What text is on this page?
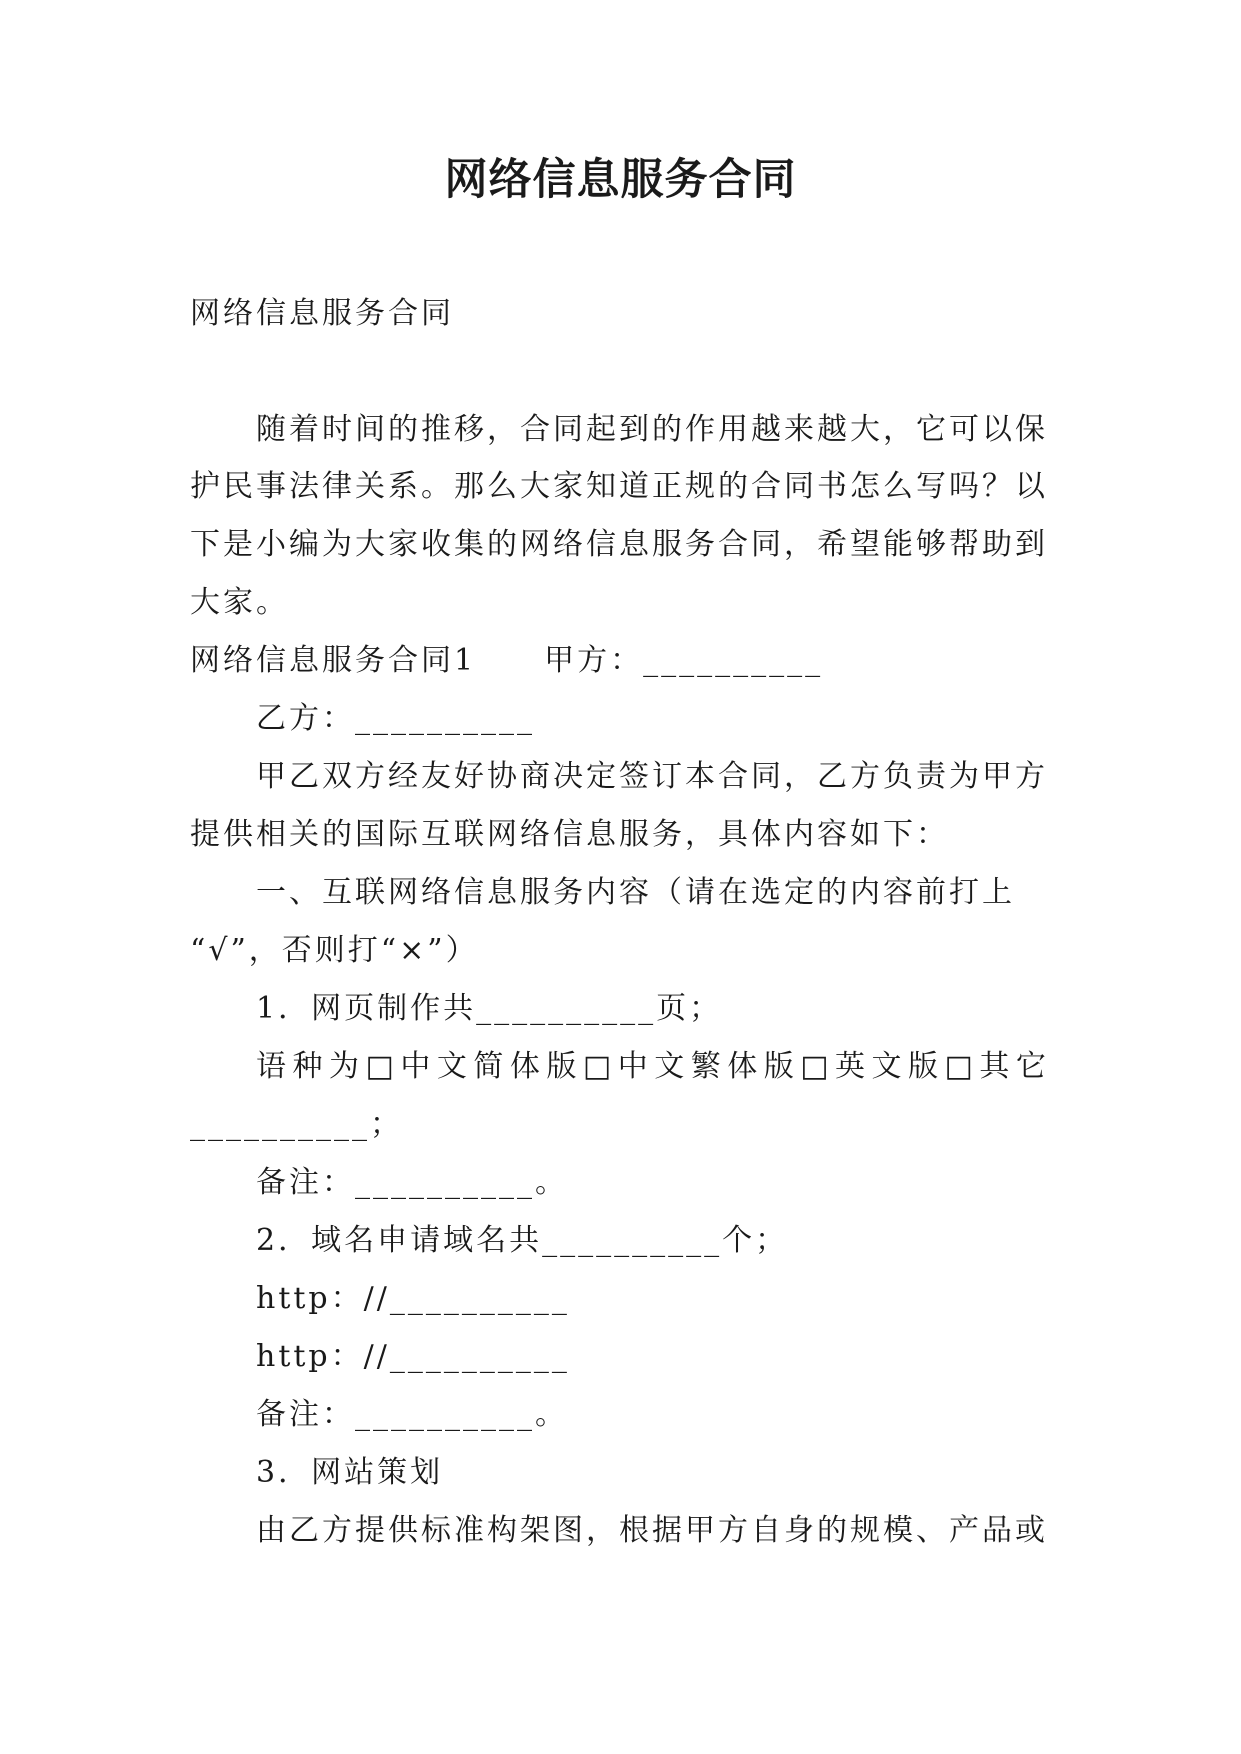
网络信息服务合同
网络信息服务合同
随着时间的推移，合同起到的作用越来越大，它可以保
护民事法律关系。那么大家知道正规的合同书怎么写吗？以
下是小编为大家收集的网络信息服务合同，希望能够帮助到
大家。
网络信息服务合同1 甲方：__________
乙方：__________
甲乙双方经友好协商决定签订本合同，乙方负责为甲方
提供相关的国际互联网络信息服务，具体内容如下：
一、互联网络信息服务内容（请在选定的内容前打上
“√”，否则打“×”）
1．网页制作共__________页；
语种为□中文简体版□中文繁体版□英文版□其它
__________；
备注：__________。
2．域名申请域名共__________个；
http：//__________
http：//__________
备注：__________。
3．网站策划
由乙方提供标准构架图，根据甲方自身的规模、产品或
